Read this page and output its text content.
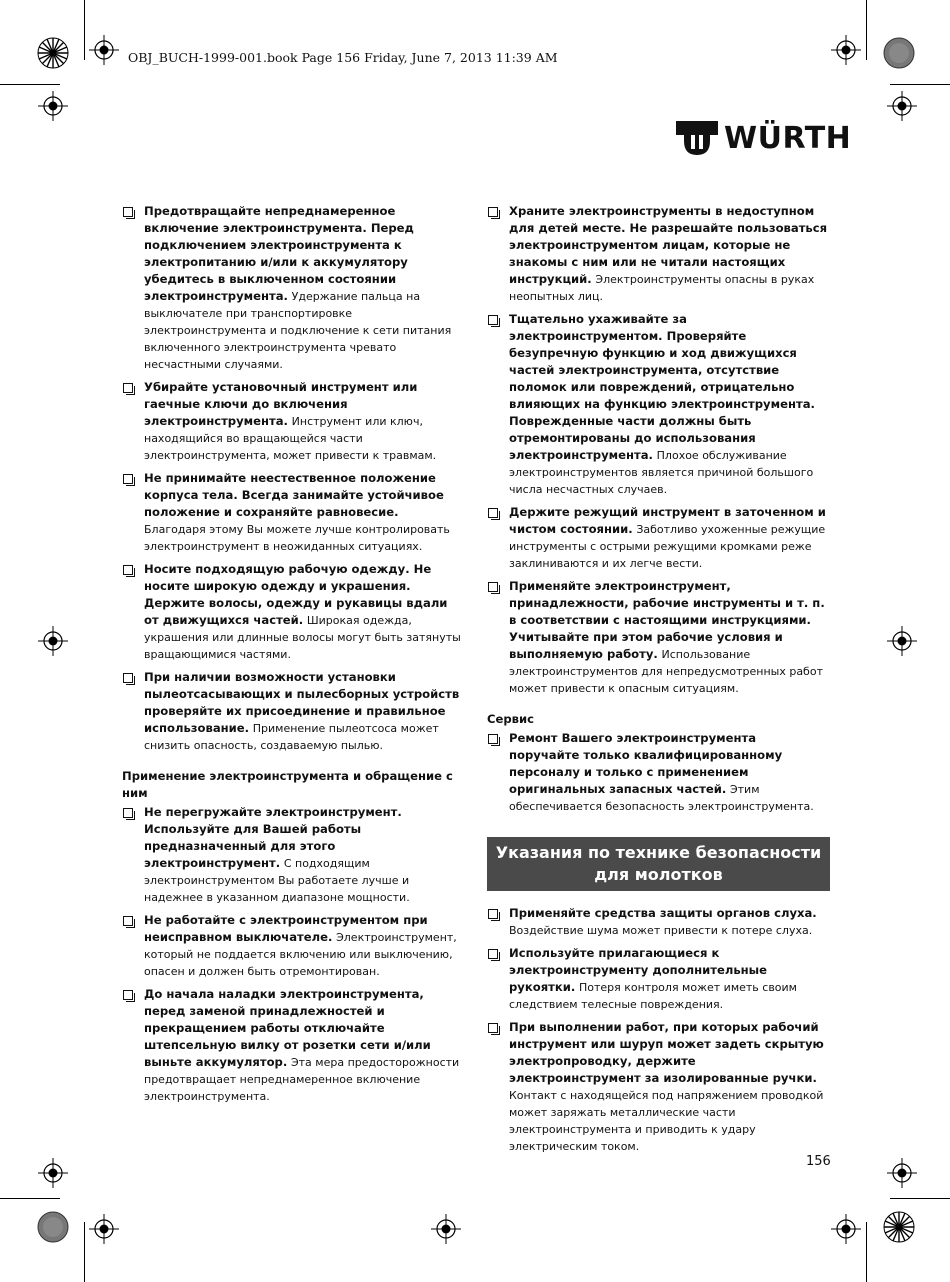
OBJ_BUCH-1999-001.book Page 156 Friday, June 7, 2013 11:39 AM
WÜRTH
Предотвращайте непреднамеренное включение электроинструмента. Перед подключением электроинструмента к электропитанию и/или к аккумулятору убедитесь в выключенном состоянии электроинструмента. Удержание пальца на выключателе при транспортировке электроинструмента и подключение к сети питания включенного электроинструмента чревато несчастными случаями.
Убирайте установочный инструмент или гаечные ключи до включения электроинструмента. Инструмент или ключ, находящийся во вращающейся части электроинструмента, может привести к травмам.
Не принимайте неестественное положение корпуса тела. Всегда занимайте устойчивое положение и сохраняйте равновесие. Благодаря этому Вы можете лучше контролировать электроинструмент в неожиданных ситуациях.
Носите подходящую рабочую одежду. Не носите широкую одежду и украшения. Держите волосы, одежду и рукавицы вдали от движущихся частей. Широкая одежда, украшения или длинные волосы могут быть затянуты вращающимися частями.
При наличии возможности установки пылеотсасывающих и пылесборных устройств проверяйте их присоединение и правильное использование. Применение пылеотсоса может снизить опасность, создаваемую пылью.
Применение электроинструмента и обращение с ним
Не перегружайте электроинструмент. Используйте для Вашей работы предназначенный для этого электроинструмент. С подходящим электроинструментом Вы работаете лучше и надежнее в указанном диапазоне мощности.
Не работайте с электроинструментом при неисправном выключателе. Электроинструмент, который не поддается включению или выключению, опасен и должен быть отремонтирован.
До начала наладки электроинструмента, перед заменой принадлежностей и прекращением работы отключайте штепсельную вилку от розетки сети и/или выньте аккумулятор. Эта мера предосторожности предотвращает непреднамеренное включение электроинструмента.
Храните электроинструменты в недоступном для детей месте. Не разрешайте пользоваться электроинструментом лицам, которые не знакомы с ним или не читали настоящих инструкций. Электроинструменты опасны в руках неопытных лиц.
Тщательно ухаживайте за электроинструментом. Проверяйте безупречную функцию и ход движущихся частей электроинструмента, отсутствие поломок или повреждений, отрицательно влияющих на функцию электроинструмента. Поврежденные части должны быть отремонтированы до использования электроинструмента. Плохое обслуживание электроинструментов является причиной большого числа несчастных случаев.
Держите режущий инструмент в заточенном и чистом состоянии. Заботливо ухоженные режущие инструменты с острыми режущими кромками реже заклиниваются и их легче вести.
Применяйте электроинструмент, принадлежности, рабочие инструменты и т. п. в соответствии с настоящими инструкциями. Учитывайте при этом рабочие условия и выполняемую работу. Использование электроинструментов для непредусмотренных работ может привести к опасным ситуациям.
Сервис
Ремонт Вашего электроинструмента поручайте только квалифицированному персоналу и только с применением оригинальных запасных частей. Этим обеспечивается безопасность электроинструмента.
Указания по технике безопасности для молотков
Применяйте средства защиты органов слуха. Воздействие шума может привести к потере слуха.
Используйте прилагающиеся к электроинструменту дополнительные рукоятки. Потеря контроля может иметь своим следствием телесные повреждения.
При выполнении работ, при которых рабочий инструмент или шуруп может задеть скрытую электропроводку, держите электроинструмент за изолированные ручки. Контакт с находящейся под напряжением проводкой может заряжать металлические части электроинструмента и приводить к удару электрическим током.
156
